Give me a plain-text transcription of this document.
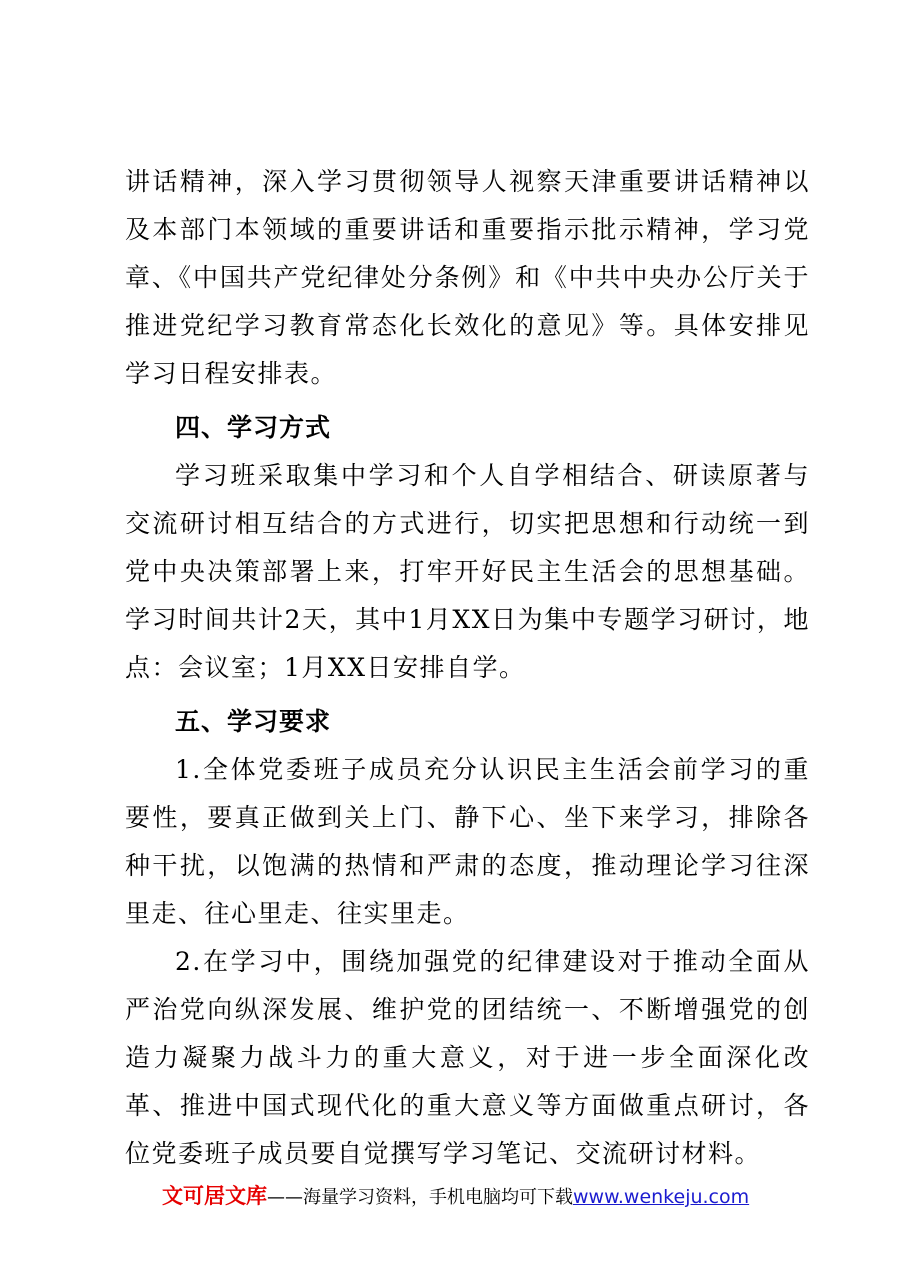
讲话精神，深入学习贯彻领导人视察天津重要讲话精神以及本部门本领域的重要讲话和重要指示批示精神，学习党章、《中国共产党纪律处分条例》和《中共中央办公厅关于推进党纪学习教育常态化长效化的意见》等。具体安排见学习日程安排表。

四、学习方式

学习班采取集中学习和个人自学相结合、研读原著与交流研讨相互结合的方式进行，切实把思想和行动统一到党中央决策部署上来，打牢开好民主生活会的思想基础。学习时间共计2天，其中1月XX日为集中专题学习研讨，地点：会议室；1月XX日安排自学。

五、学习要求

1.全体党委班子成员充分认识民主生活会前学习的重要性，要真正做到关上门、静下心、坐下来学习，排除各种干扰，以饱满的热情和严肃的态度，推动理论学习往深里走、往心里走、往实里走。

2.在学习中，围绕加强党的纪律建设对于推动全面从严治党向纵深发展、维护党的团结统一、不断增强党的创造力凝聚力战斗力的重大意义，对于进一步全面深化改革、推进中国式现代化的重大意义等方面做重点研讨，各位党委班子成员要自觉撰写学习笔记、交流研讨材料。

文可居文库——海量学习资料，手机电脑均可下载www.wenkeju.com
